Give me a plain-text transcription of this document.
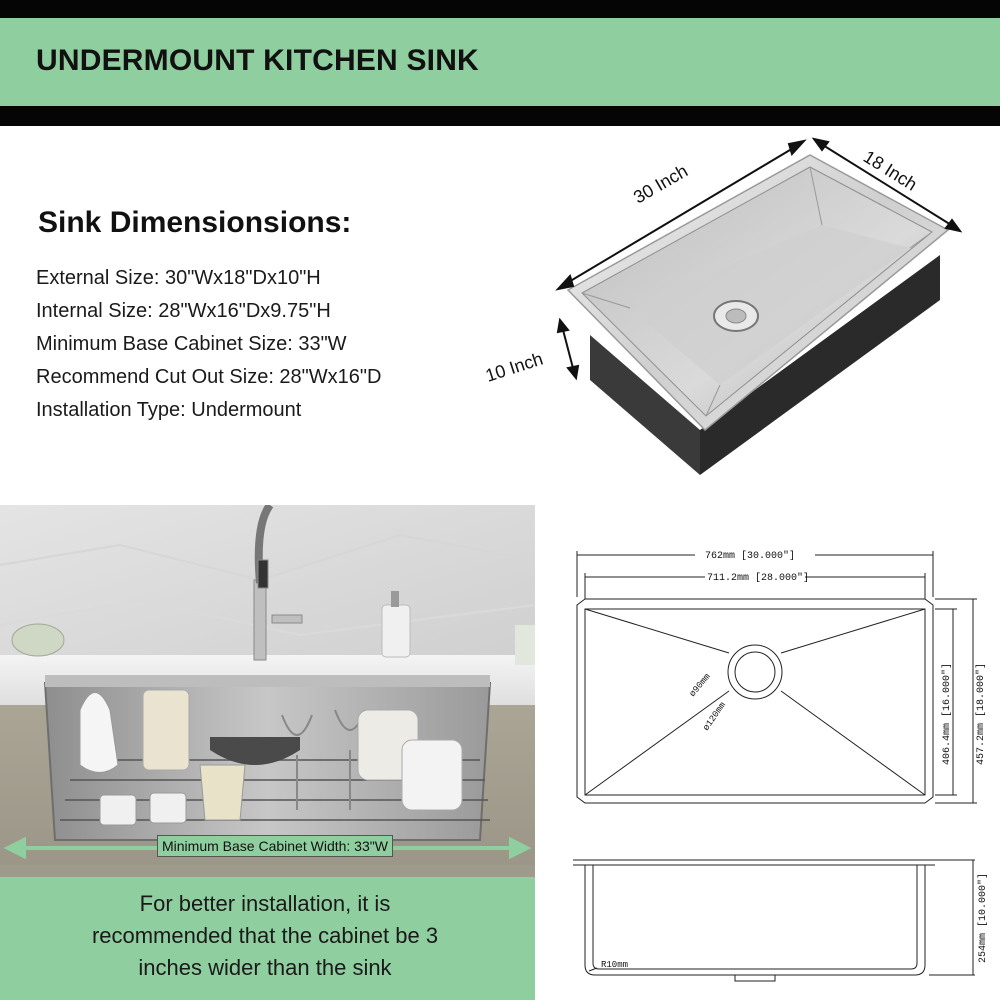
UNDERMOUNT KITCHEN SINK
Sink Dimensionsions:
External Size: 30"Wx18"Dx10"H
Internal Size: 28"Wx16"Dx9.75"H
Minimum Base Cabinet Size: 33"W
Recommend Cut Out Size: 28"Wx16"D
Installation Type: Undermount
30 Inch	18 Inch
10 Inch
Minimum Base Cabinet Width: 33"W
For better installation, it is
recommended that the cabinet be 3
inches wider than the sink
762mm [30.000"]
711.2mm [28.000"]
406.4mm [16.000"] 457.2mm [18.000"]
ø90mm
ø120mm
254mm [10.000"]
R10mm
